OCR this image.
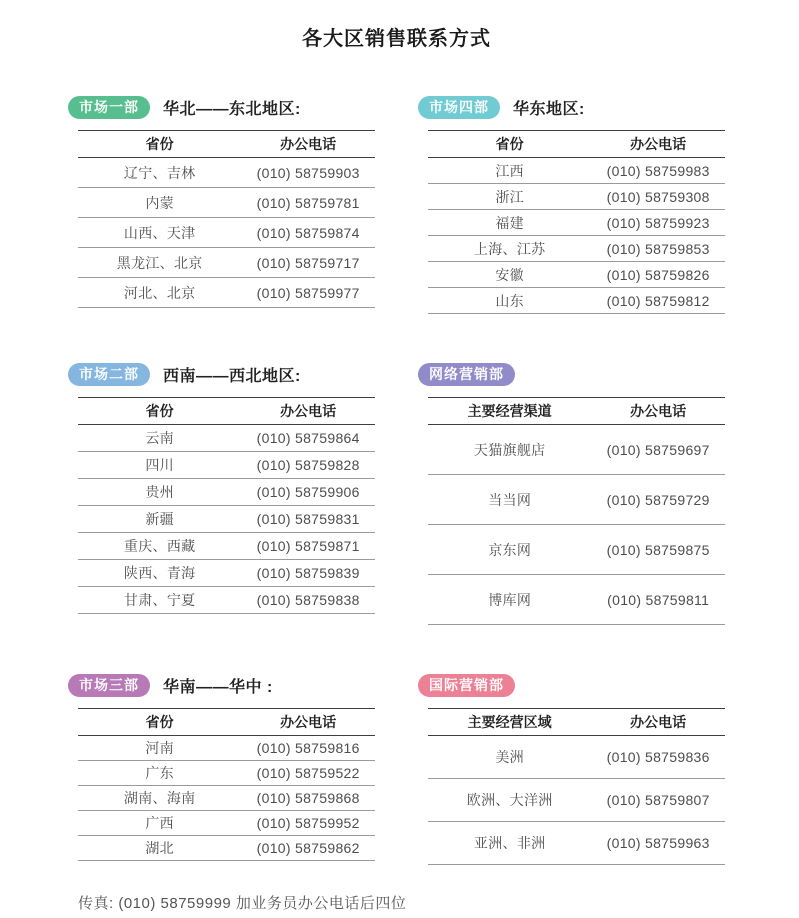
各大区销售联系方式
市场一部	华北——东北地区:
省份	办公电话
辽宁、吉林	(010) 58759903
内蒙	(010) 58759781
山西、天津	(010) 58759874
黑龙江、北京	(010) 58759717
河北、北京	(010) 58759977
市场四部	华东地区:
省份	办公电话
江西	(010) 58759983
浙江	(010) 58759308
福建	(010) 58759923
上海、江苏	(010) 58759853
安徽	(010) 58759826
山东	(010) 58759812
市场二部	西南——西北地区:
省份	办公电话
云南	(010) 58759864
四川	(010) 58759828
贵州	(010) 58759906
新疆	(010) 58759831
重庆、西藏	(010) 58759871
陕西、青海	(010) 58759839
甘肃、宁夏	(010) 58759838
网络营销部
主要经营渠道	办公电话
天猫旗舰店	(010) 58759697
当当网	(010) 58759729
京东网	(010) 58759875
博库网	(010) 58759811
市场三部	华南——华中 :
省份	办公电话
河南	(010) 58759816
广东	(010) 58759522
湖南、海南	(010) 58759868
广西	(010) 58759952
湖北	(010) 58759862
国际营销部
主要经营区域	办公电话
美洲	(010) 58759836
欧洲、大洋洲	(010) 58759807
亚洲、非洲	(010) 58759963

传真: (010) 58759999 加业务员办公电话后四位
